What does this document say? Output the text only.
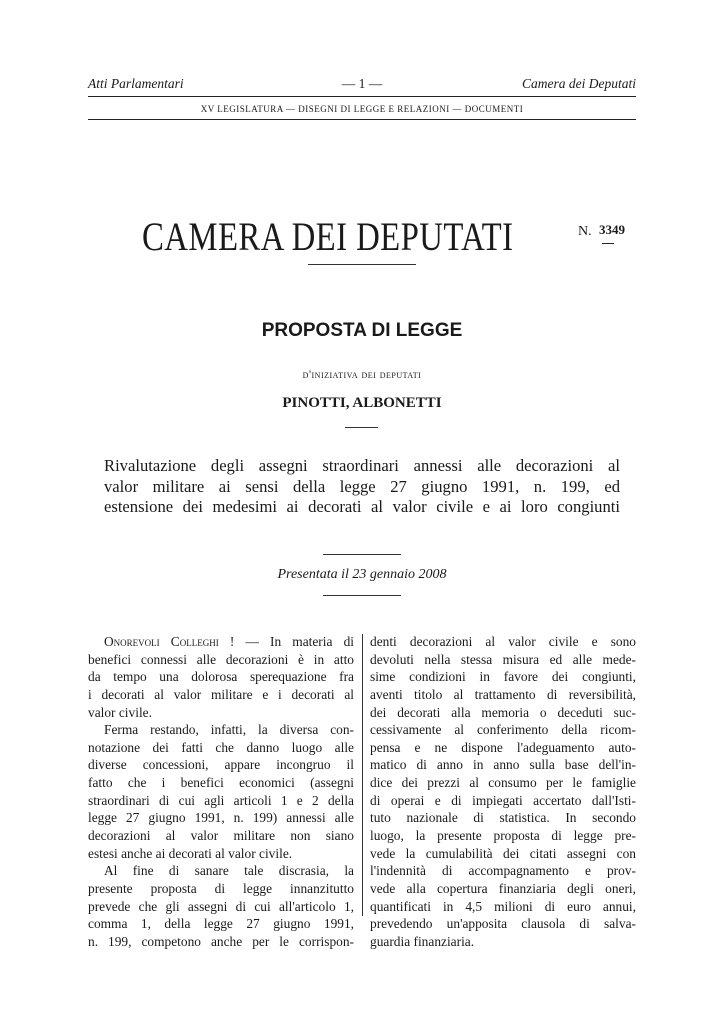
Atti Parlamentari	— 1 —	Camera dei Deputati
XV LEGISLATURA — DISEGNI DI LEGGE E RELAZIONI — DOCUMENTI
CAMERA DEI DEPUTATI	N. 3349
PROPOSTA DI LEGGE
d'iniziativa dei deputati
PINOTTI, ALBONETTI
Rivalutazione degli assegni straordinari annessi alle decorazioni al
valor militare ai sensi della legge 27 giugno 1991, n. 199, ed
estensione dei medesimi ai decorati al valor civile e ai loro congiunti
Presentata il 23 gennaio 2008
Onorevoli Colleghi ! — In materia di
benefici connessi alle decorazioni è in atto
da tempo una dolorosa sperequazione fra
i decorati al valor militare e i decorati al
valor civile.
Ferma restando, infatti, la diversa con-
notazione dei fatti che danno luogo alle
diverse concessioni, appare incongruo il
fatto che i benefici economici (assegni
straordinari di cui agli articoli 1 e 2 della
legge 27 giugno 1991, n. 199) annessi alle
decorazioni al valor militare non siano
estesi anche ai decorati al valor civile.
Al fine di sanare tale discrasia, la
presente proposta di legge innanzitutto
prevede che gli assegni di cui all'articolo 1,
comma 1, della legge 27 giugno 1991,
n. 199, competono anche per le corrispon-
denti decorazioni al valor civile e sono
devoluti nella stessa misura ed alle mede-
sime condizioni in favore dei congiunti,
aventi titolo al trattamento di reversibilità,
dei decorati alla memoria o deceduti suc-
cessivamente al conferimento della ricom-
pensa e ne dispone l'adeguamento auto-
matico di anno in anno sulla base dell'in-
dice dei prezzi al consumo per le famiglie
di operai e di impiegati accertato dall'Isti-
tuto nazionale di statistica. In secondo
luogo, la presente proposta di legge pre-
vede la cumulabilità dei citati assegni con
l'indennità di accompagnamento e prov-
vede alla copertura finanziaria degli oneri,
quantificati in 4,5 milioni di euro annui,
prevedendo un'apposita clausola di salva-
guardia finanziaria.
